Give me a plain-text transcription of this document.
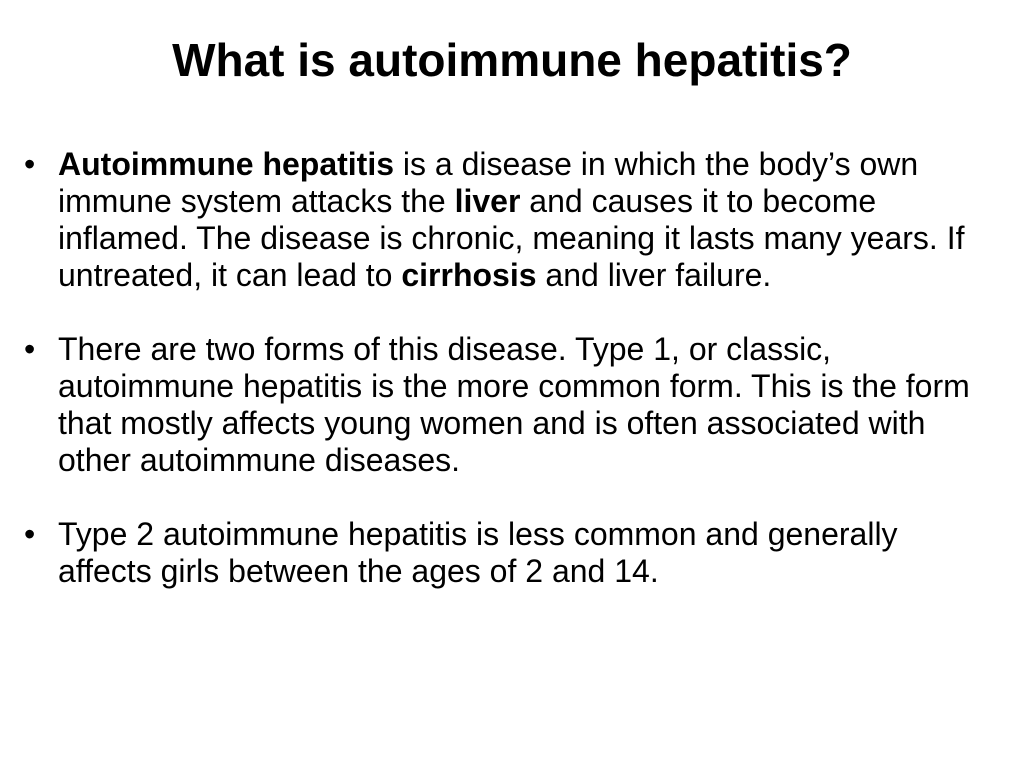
What is autoimmune hepatitis?
• Autoimmune hepatitis is a disease in which the body’s own immune system attacks the liver and causes it to become inflamed. The disease is chronic, meaning it lasts many years. If untreated, it can lead to cirrhosis and liver failure.
• There are two forms of this disease. Type 1, or classic, autoimmune hepatitis is the more common form. This is the form that mostly affects young women and is often associated with other autoimmune diseases.
• Type 2 autoimmune hepatitis is less common and generally affects girls between the ages of 2 and 14.
